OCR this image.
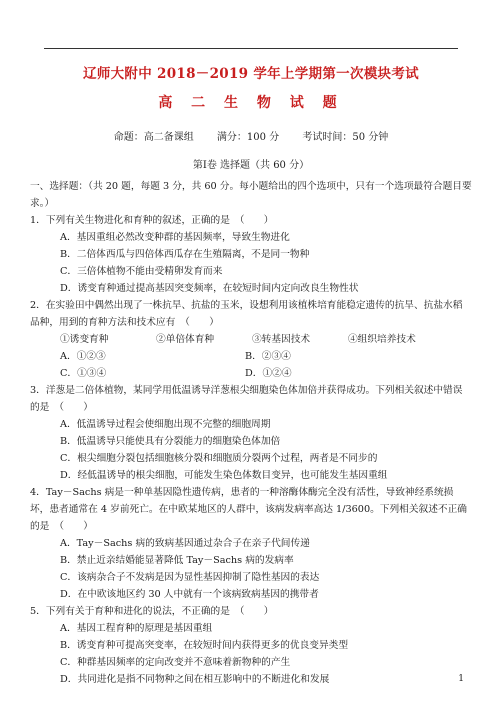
辽师大附中 2018－2019 学年上学期第一次模块考试
高 二 生 物 试 题
命题：高二备课组 满分：100 分 考试时间：50 分钟
第Ⅰ卷 选择题（共 60 分）

一、选择题：（共 20 题，每题 3 分，共 60 分。每小题给出的四个选项中，只有一个选项最符合题目要求。）

1．下列有关生物进化和育种的叙述，正确的是　（　　）

A．基因重组必然改变种群的基因频率，导致生物进化

B．二倍体西瓜与四倍体西瓜存在生殖隔离，不是同一物种

C．三倍体植物不能由受精卵发育而来

D．诱变育种通过提高基因突变频率，在较短时间内定向改良生物性状

2．在实验田中偶然出现了一株抗旱、抗盐的玉米，设想利用该植株培育能稳定遗传的抗旱、抗盐水稻品种，用到的育种方法和技术应有　（　　）

①诱变育种	②单倍体育种	③转基因技术	④组织培养技术
A．①②③	B．②③④
C．①③④	D．①②④

3．洋葱是二倍体植物，某同学用低温诱导洋葱根尖细胞染色体加倍并获得成功。下列相关叙述中错误的是　（　　）

A．低温诱导过程会使细胞出现不完整的细胞周期

B．低温诱导只能使具有分裂能力的细胞染色体加倍

C．根尖细胞分裂包括细胞核分裂和细胞质分裂两个过程，两者是不同步的

D．经低温诱导的根尖细胞，可能发生染色体数目变异，也可能发生基因重组

4．Tay－Sachs 病是一种单基因隐性遗传病，患者的一种溶酶体酶完全没有活性，导致神经系统损坏，患者通常在 4 岁前死亡。在中欧某地区的人群中，该病发病率高达 1/3600。下列相关叙述不正确的是　（　　）

A．Tay－Sachs 病的致病基因通过杂合子在亲子代间传递

B．禁止近亲结婚能显著降低 Tay－Sachs 病的发病率

C．该病杂合子不发病是因为显性基因抑制了隐性基因的表达

D．在中欧该地区约 30 人中就有一个该病致病基因的携带者

5．下列有关于育种和进化的说法，不正确的是　（　　）

A．基因工程育种的原理是基因重组

B．诱变育种可提高突变率，在较短时间内获得更多的优良变异类型

C．种群基因频率的定向改变并不意味着新物种的产生

D．共同进化是指不同物种之间在相互影响中的不断进化和发展	1
